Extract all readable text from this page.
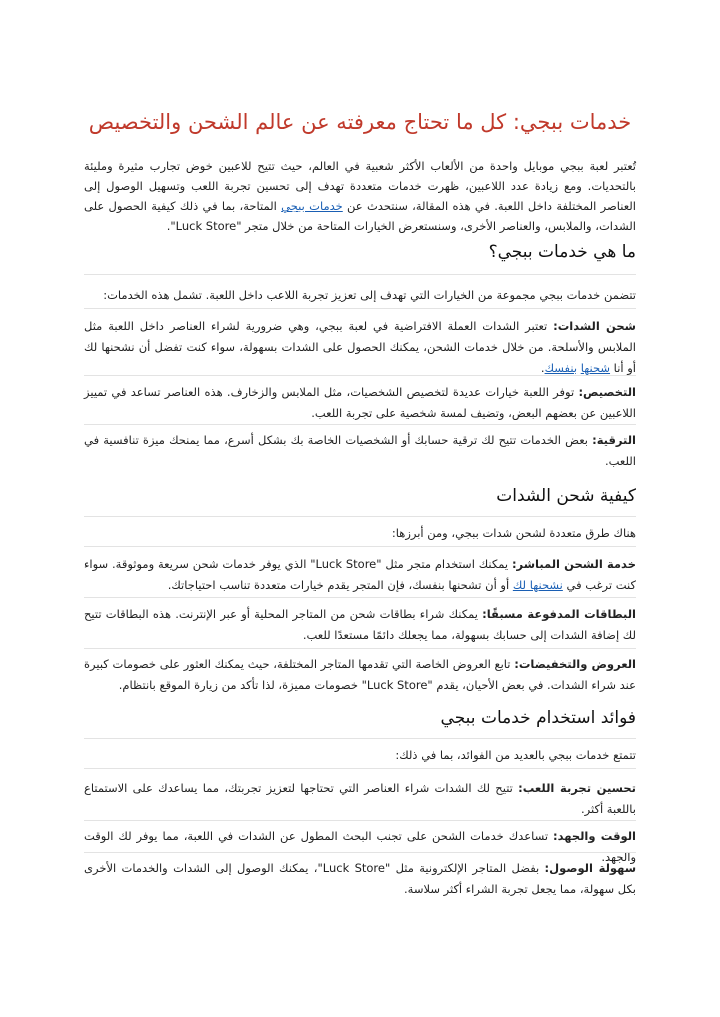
خدمات ببجي: كل ما تحتاج معرفته عن عالم الشحن والتخصيص

تُعتبر لعبة ببجي موبايل واحدة من الألعاب الأكثر شعبية في العالم، حيث تتيح للاعبين خوض تجارب مثيرة ومليئة بالتحديات. ومع زيادة عدد اللاعبين، ظهرت خدمات متعددة تهدف إلى تحسين تجربة اللعب وتسهيل الوصول إلى العناصر المختلفة داخل اللعبة. في هذه المقالة، سنتحدث عن خدمات ببجي المتاحة، بما في ذلك كيفية الحصول على الشدات، والملابس، والعناصر الأخرى، وسنستعرض الخيارات المتاحة من خلال متجر "Luck Store".

ما هي خدمات ببجي؟

تتضمن خدمات ببجي مجموعة من الخيارات التي تهدف إلى تعزيز تجربة اللاعب داخل اللعبة. تشمل هذه الخدمات:

شحن الشدات: تعتبر الشدات العملة الافتراضية في لعبة ببجي، وهي ضرورية لشراء العناصر داخل اللعبة مثل الملابس والأسلحة. من خلال خدمات الشحن، يمكنك الحصول على الشدات بسهولة، سواء كنت تفضل أن نشحنها لك أو أنا شحنها بنفسك.

التخصيص: توفر اللعبة خيارات عديدة لتخصيص الشخصيات، مثل الملابس والزخارف. هذه العناصر تساعد في تمييز اللاعبين عن بعضهم البعض، وتضيف لمسة شخصية على تجربة اللعب.

الترقية: بعض الخدمات تتيح لك ترقية حسابك أو الشخصيات الخاصة بك بشكل أسرع، مما يمنحك ميزة تنافسية في اللعب.

كيفية شحن الشدات

هناك طرق متعددة لشحن شدات ببجي، ومن أبرزها:

خدمة الشحن المباشر: يمكنك استخدام متجر مثل "Luck Store" الذي يوفر خدمات شحن سريعة وموثوقة. سواء كنت ترغب في نشحنها لك أو أن تشحنها بنفسك، فإن المتجر يقدم خيارات متعددة تناسب احتياجاتك.

البطاقات المدفوعة مسبقًا: يمكنك شراء بطاقات شحن من المتاجر المحلية أو عبر الإنترنت. هذه البطاقات تتيح لك إضافة الشدات إلى حسابك بسهولة، مما يجعلك دائمًا مستعدًا للعب.

العروض والتخفيضات: تابع العروض الخاصة التي تقدمها المتاجر المختلفة، حيث يمكنك العثور على خصومات كبيرة عند شراء الشدات. في بعض الأحيان، يقدم "Luck Store" خصومات مميزة، لذا تأكد من زيارة الموقع بانتظام.

فوائد استخدام خدمات ببجي

تتمتع خدمات ببجي بالعديد من الفوائد، بما في ذلك:

تحسين تجربة اللعب: تتيح لك الشدات شراء العناصر التي تحتاجها لتعزيز تجربتك، مما يساعدك على الاستمتاع باللعبة أكثر.

الوقت والجهد: تساعدك خدمات الشحن على تجنب البحث المطول عن الشدات في اللعبة، مما يوفر لك الوقت والجهد.

سهولة الوصول: بفضل المتاجر الإلكترونية مثل "Luck Store"، يمكنك الوصول إلى الشدات والخدمات الأخرى بكل سهولة، مما يجعل تجربة الشراء أكثر سلاسة.
